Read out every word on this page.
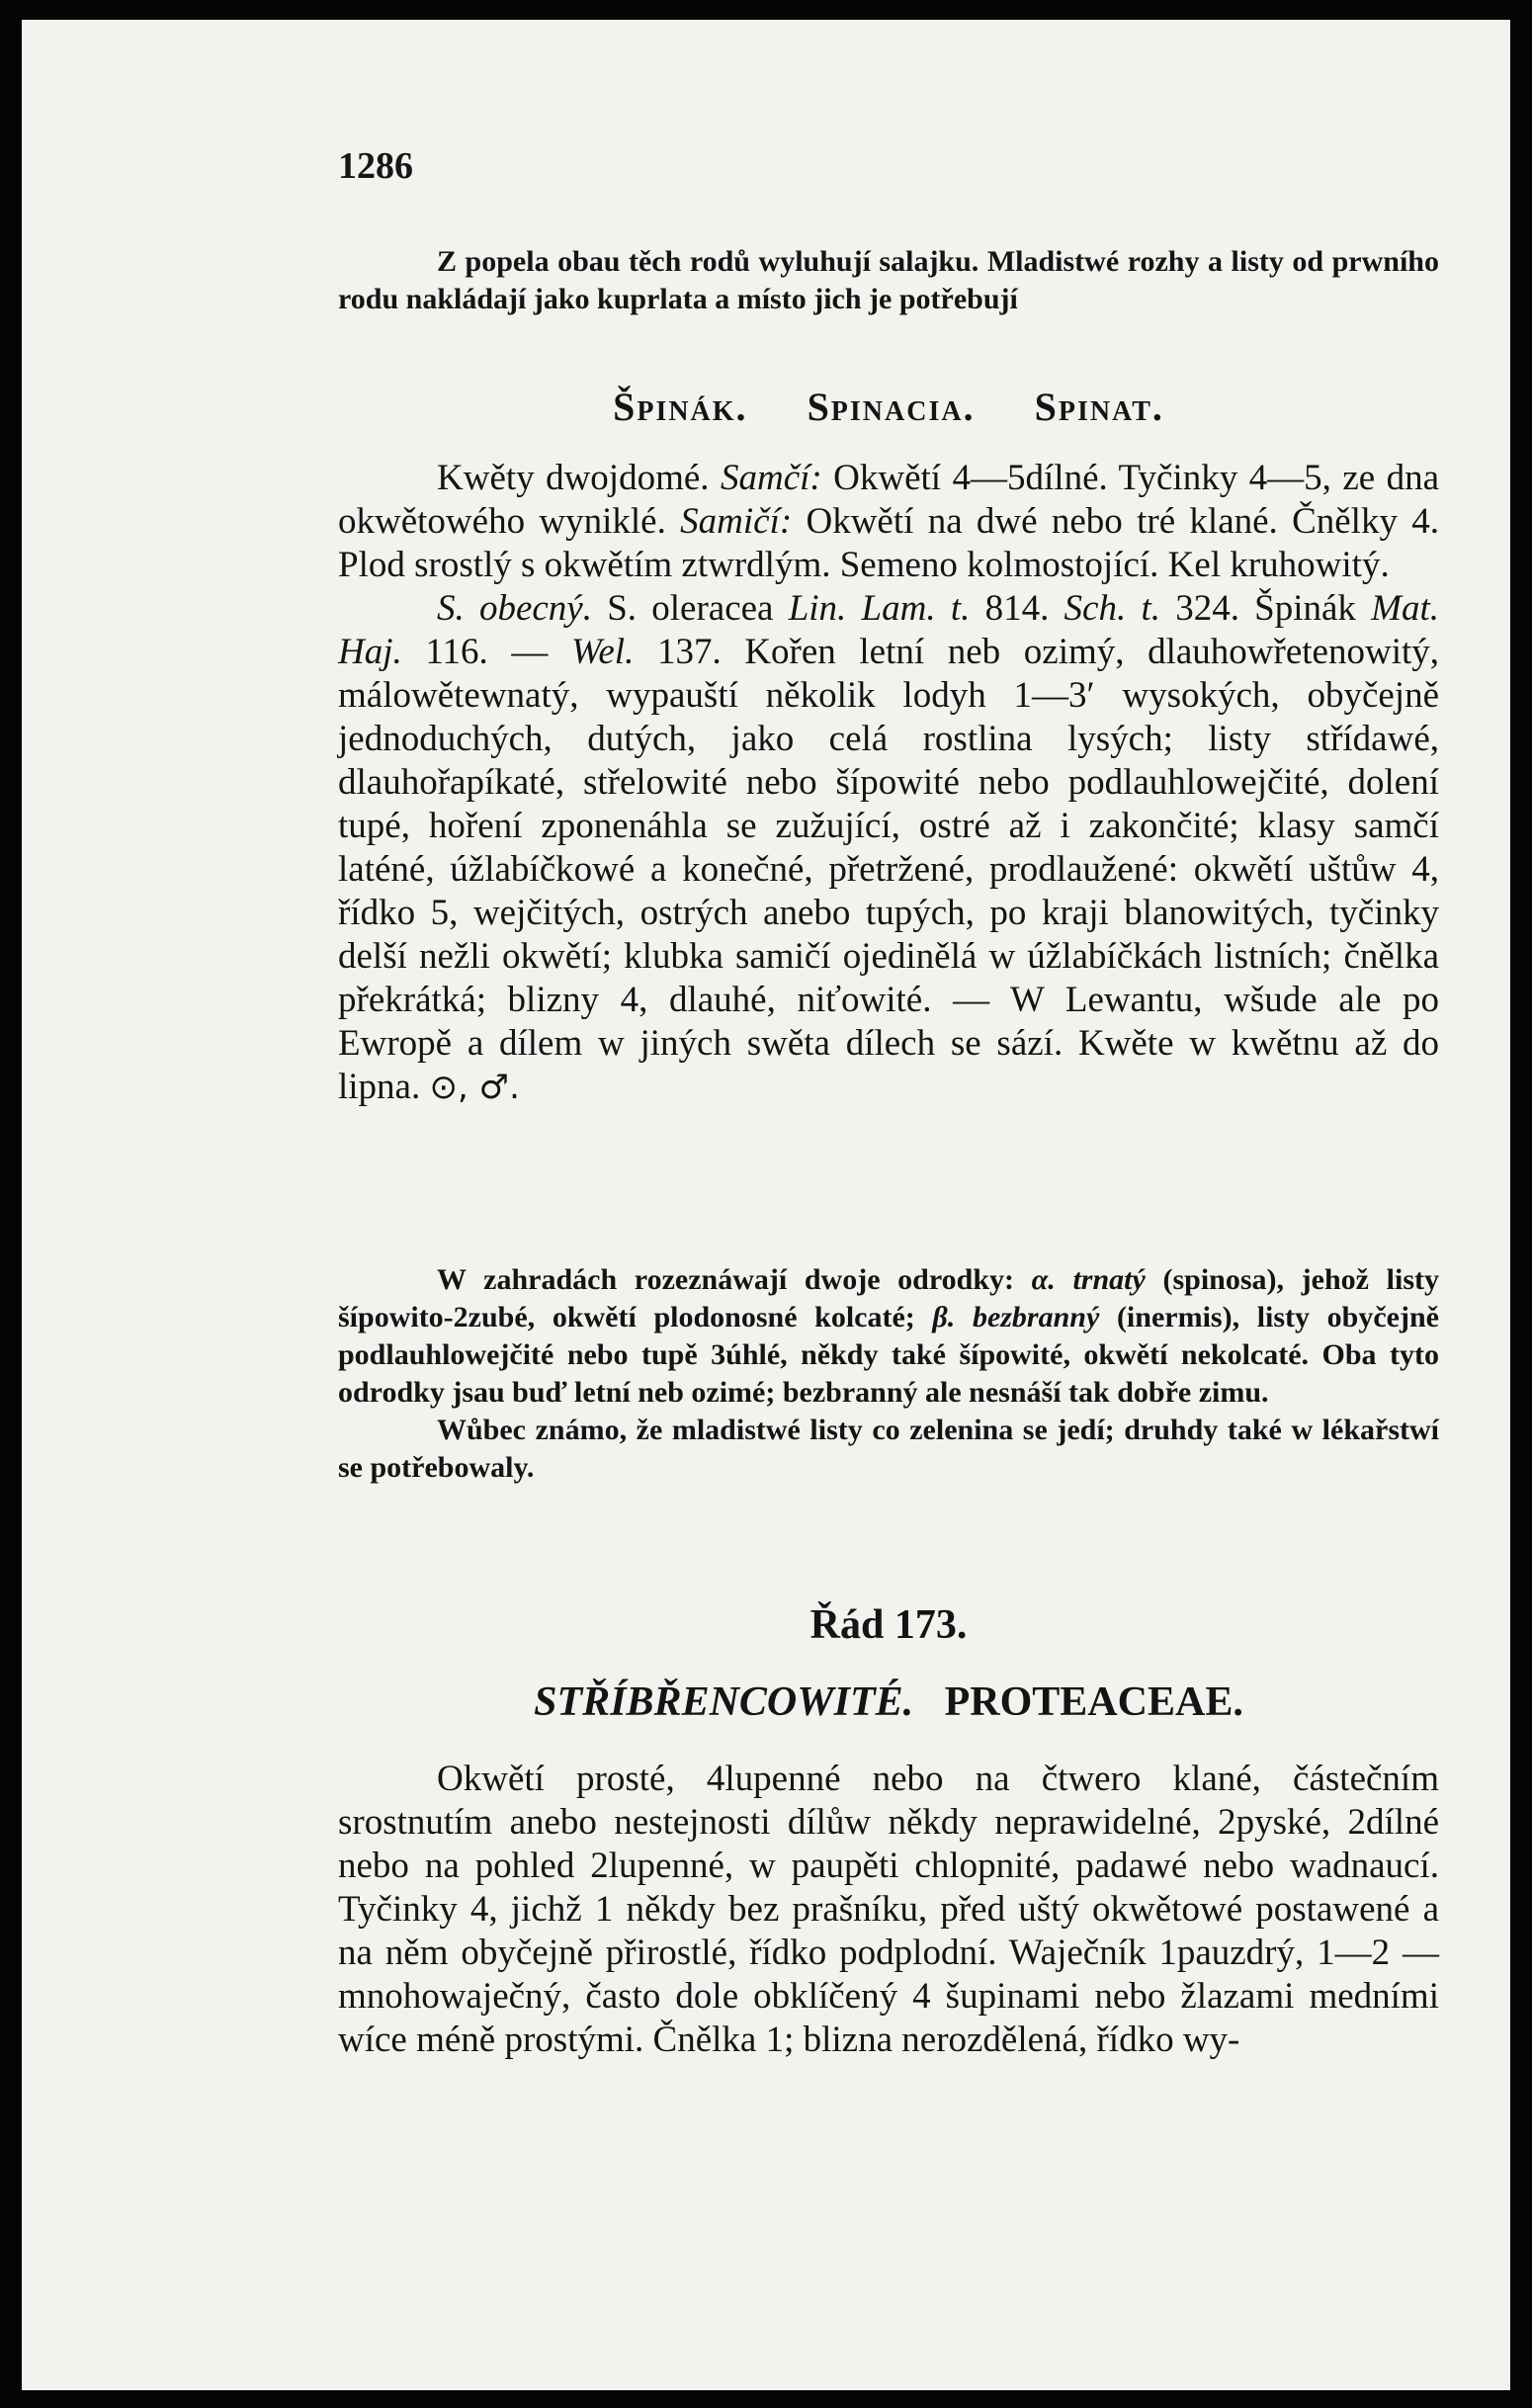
1286

Z popela obau těch rodů wyluhují salajku. Mladistwé rozhy a listy od prwního rodu nakládají jako kuprlata a místo jich je potřebují

Špinák. Spinacia. Spinat.

Kwěty dwojdomé. Samčí: Okwětí 4—5dílné. Tyčinky 4—5, ze dna okwětowého wyniklé. Samičí: Okwětí na dwé nebo tré klané. Čnělky 4. Plod srostlý s okwětím ztwrdlým. Semeno kolmostojící. Kel kruhowitý.

S. obecný. S. oleracea Lin. Lam. t. 814. Sch. t. 324. Špinák Mat. Haj. 116. — Wel. 137. Kořen letní neb ozimý, dlauhowřetenowitý, málowětewnatý, wypauští několik lodyh 1—3′ wysokých, obyčejně jednoduchých, dutých, jako celá rostlina lysých; listy střídawé, dlauhořapíkaté, střelowité nebo šípowité nebo podlauhlowejčité, dolení tupé, hoření zponenáhla se zužující, ostré až i zakončité; klasy samčí laténé, úžlabíčkowé a konečné, přetržené, prodlaužené: okwětí uštůw 4, řídko 5, wejčitých, ostrých anebo tupých, po kraji blanowitých, tyčinky delší nežli okwětí; klubka samičí ojedinělá w úžlabíčkách listních; čnělka překrátká; blizny 4, dlauhé, niťowité. — W Lewantu, wšude ale po Ewropě a dílem w jiných swěta dílech se sází. Kwěte w kwětnu až do lipna. ⊙, ♂.

W zahradách rozeznáwají dwoje odrodky: α. trnatý (spinosa), jehož listy šípowito-2zubé, okwětí plodonosné kolcaté; β. bezbranný (inermis), listy obyčejně podlauhlowejčité nebo tupě 3úhlé, někdy také šípowité, okwětí nekolcaté. Oba tyto odrodky jsau buď letní neb ozimé; bezbranný ale nesnáší tak dobře zimu.

Wůbec známo, že mladistwé listy co zelenina se jedí; druhdy také w lékařstwí se potřebowaly.

Řád 173.
STŘÍBŘENCOWITÉ. PROTEACEAE.

Okwětí prosté, 4lupenné nebo na čtwero klané, částečním srostnutím anebo nestejnosti dílůw někdy neprawidelné, 2pyské, 2dílné nebo na pohled 2lupenné, w paupěti chlopnité, padawé nebo wadnaucí. Tyčinky 4, jichž 1 někdy bez prašníku, před uštý okwětowé postawené a na něm obyčejně přirostlé, řídko podplodní. Waječník 1pauzdrý, 1—2 — mnohowaječný, často dole obklíčený 4 šupinami nebo žlazami medními wíce méně prostými. Čnělka 1; blizna nerozdělená, řídko wy-
